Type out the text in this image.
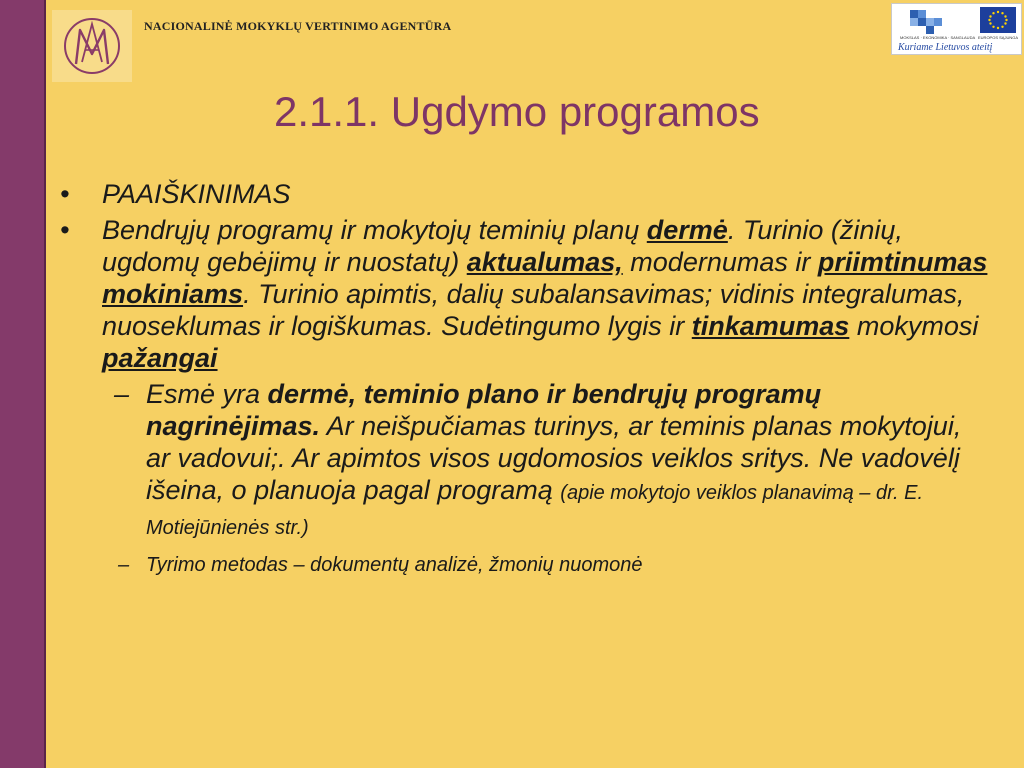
NACIONALINĖ MOKYKLŲ VERTINIMO AGENTŪRA
MOKSLAS · EKONOMIKA · SANGLAUDA EUROPOS SĄJUNGA
Kuriame Lietuvos ateitį
2.1.1. Ugdymo programos
• PAAIŠKINIMAS
• Bendrųjų programų ir mokytojų teminių planų dermė. Turinio (žinių, ugdomų gebėjimų ir nuostatų) aktualumas, modernumas ir priimtinumas mokiniams. Turinio apimtis, dalių subalansavimas; vidinis integralumas, nuoseklumas ir logiškumas. Sudėtingumo lygis ir tinkamumas mokymosi pažangai
– Esmė yra dermė, teminio plano ir bendrųjų programų nagrinėjimas. Ar neišpučiamas turinys, ar teminis planas mokytojui, ar vadovui;. Ar apimtos visos ugdomosios veiklos sritys. Ne vadovėlį išeina, o planuoja pagal programą (apie mokytojo veiklos planavimą – dr. E. Motiejūnienės str.)
– Tyrimo metodas – dokumentų analizė, žmonių nuomonė
